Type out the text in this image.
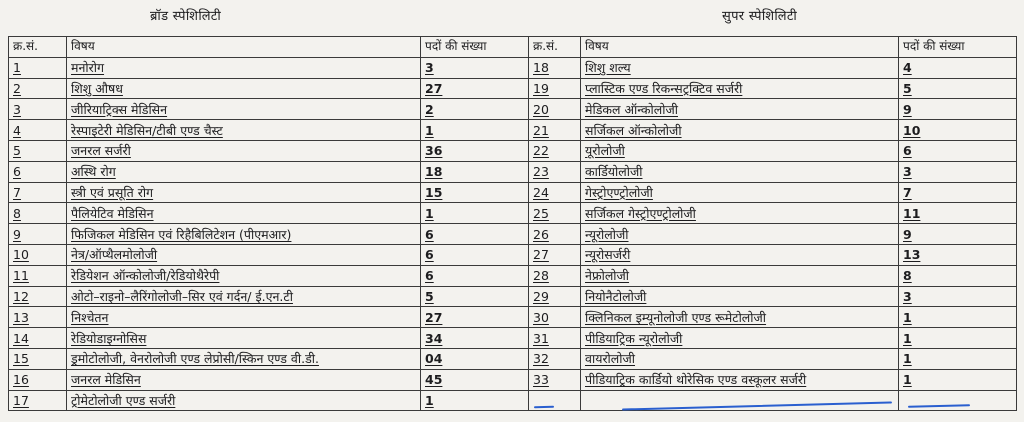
ब्रॉड स्पेशिलिटी	सुपर स्पेशिलिटी
क्र.सं.	विषय	पदों की संख्या	क्र.सं.	विषय	पदों की संख्या
1	मनोरोग	3	18	शिशु शल्य	4
2	शिशु औषध	27	19	प्लास्टिक एण्ड रिकन्सट्रक्टिव सर्जरी	5
3	जीरियाट्रिक्स मेडिसिन	2	20	मेडिकल ऑन्कोलोजी	9
4	रेस्पाइटेरी मेडिसिन/टीबी एण्ड चैस्ट	1	21	सर्जिकल ऑन्कोलोजी	10
5	जनरल सर्जरी	36	22	यूरोलोजी	6
6	अस्थि रोग	18	23	कार्डियोलोजी	3
7	स्त्री एवं प्रसूति रोग	15	24	गेस्ट्रोएण्ट्रोलोजी	7
8	पैलियेटिव मेडिसिन	1	25	सर्जिकल गेस्ट्रोएण्ट्रोलोजी	11
9	फिजिकल मेडिसिन एवं रिहैबिलिटेशन (पीएमआर)	6	26	न्यूरोलोजी	9
10	नेत्र/ऑप्थैलमोलोजी	6	27	न्यूरोसर्जरी	13
11	रेडियेशन ऑन्कोलोजी/रेडियोथैरेपी	6	28	नेफ्रोलोजी	8
12	ओटो–राइनो–लैरिंगोलोजी–सिर एवं गर्दन/ ई.एन.टी	5	29	नियोनैटोलोजी	3
13	निश्चेतन	27	30	क्लिनिकल इम्यूनोलोजी एण्ड रूमेटोलोजी	1
14	रेडियोडाइग्नोसिस	34	31	पीडियाट्रिक न्यूरोलोजी	1
15	ड्रमोटोलोजी, वेनरोलोजी एण्ड लेप्रोसी/स्किन एण्ड वी.डी.	04	32	वायरोलोजी	1
16	जनरल मेडिसिन	45	33	पीडियाट्रिक कार्डियो थोरेसिक एण्ड वस्कूलर सर्जरी	1
17	ट्रोमेटोलोजी एण्ड सर्जरी	1			
